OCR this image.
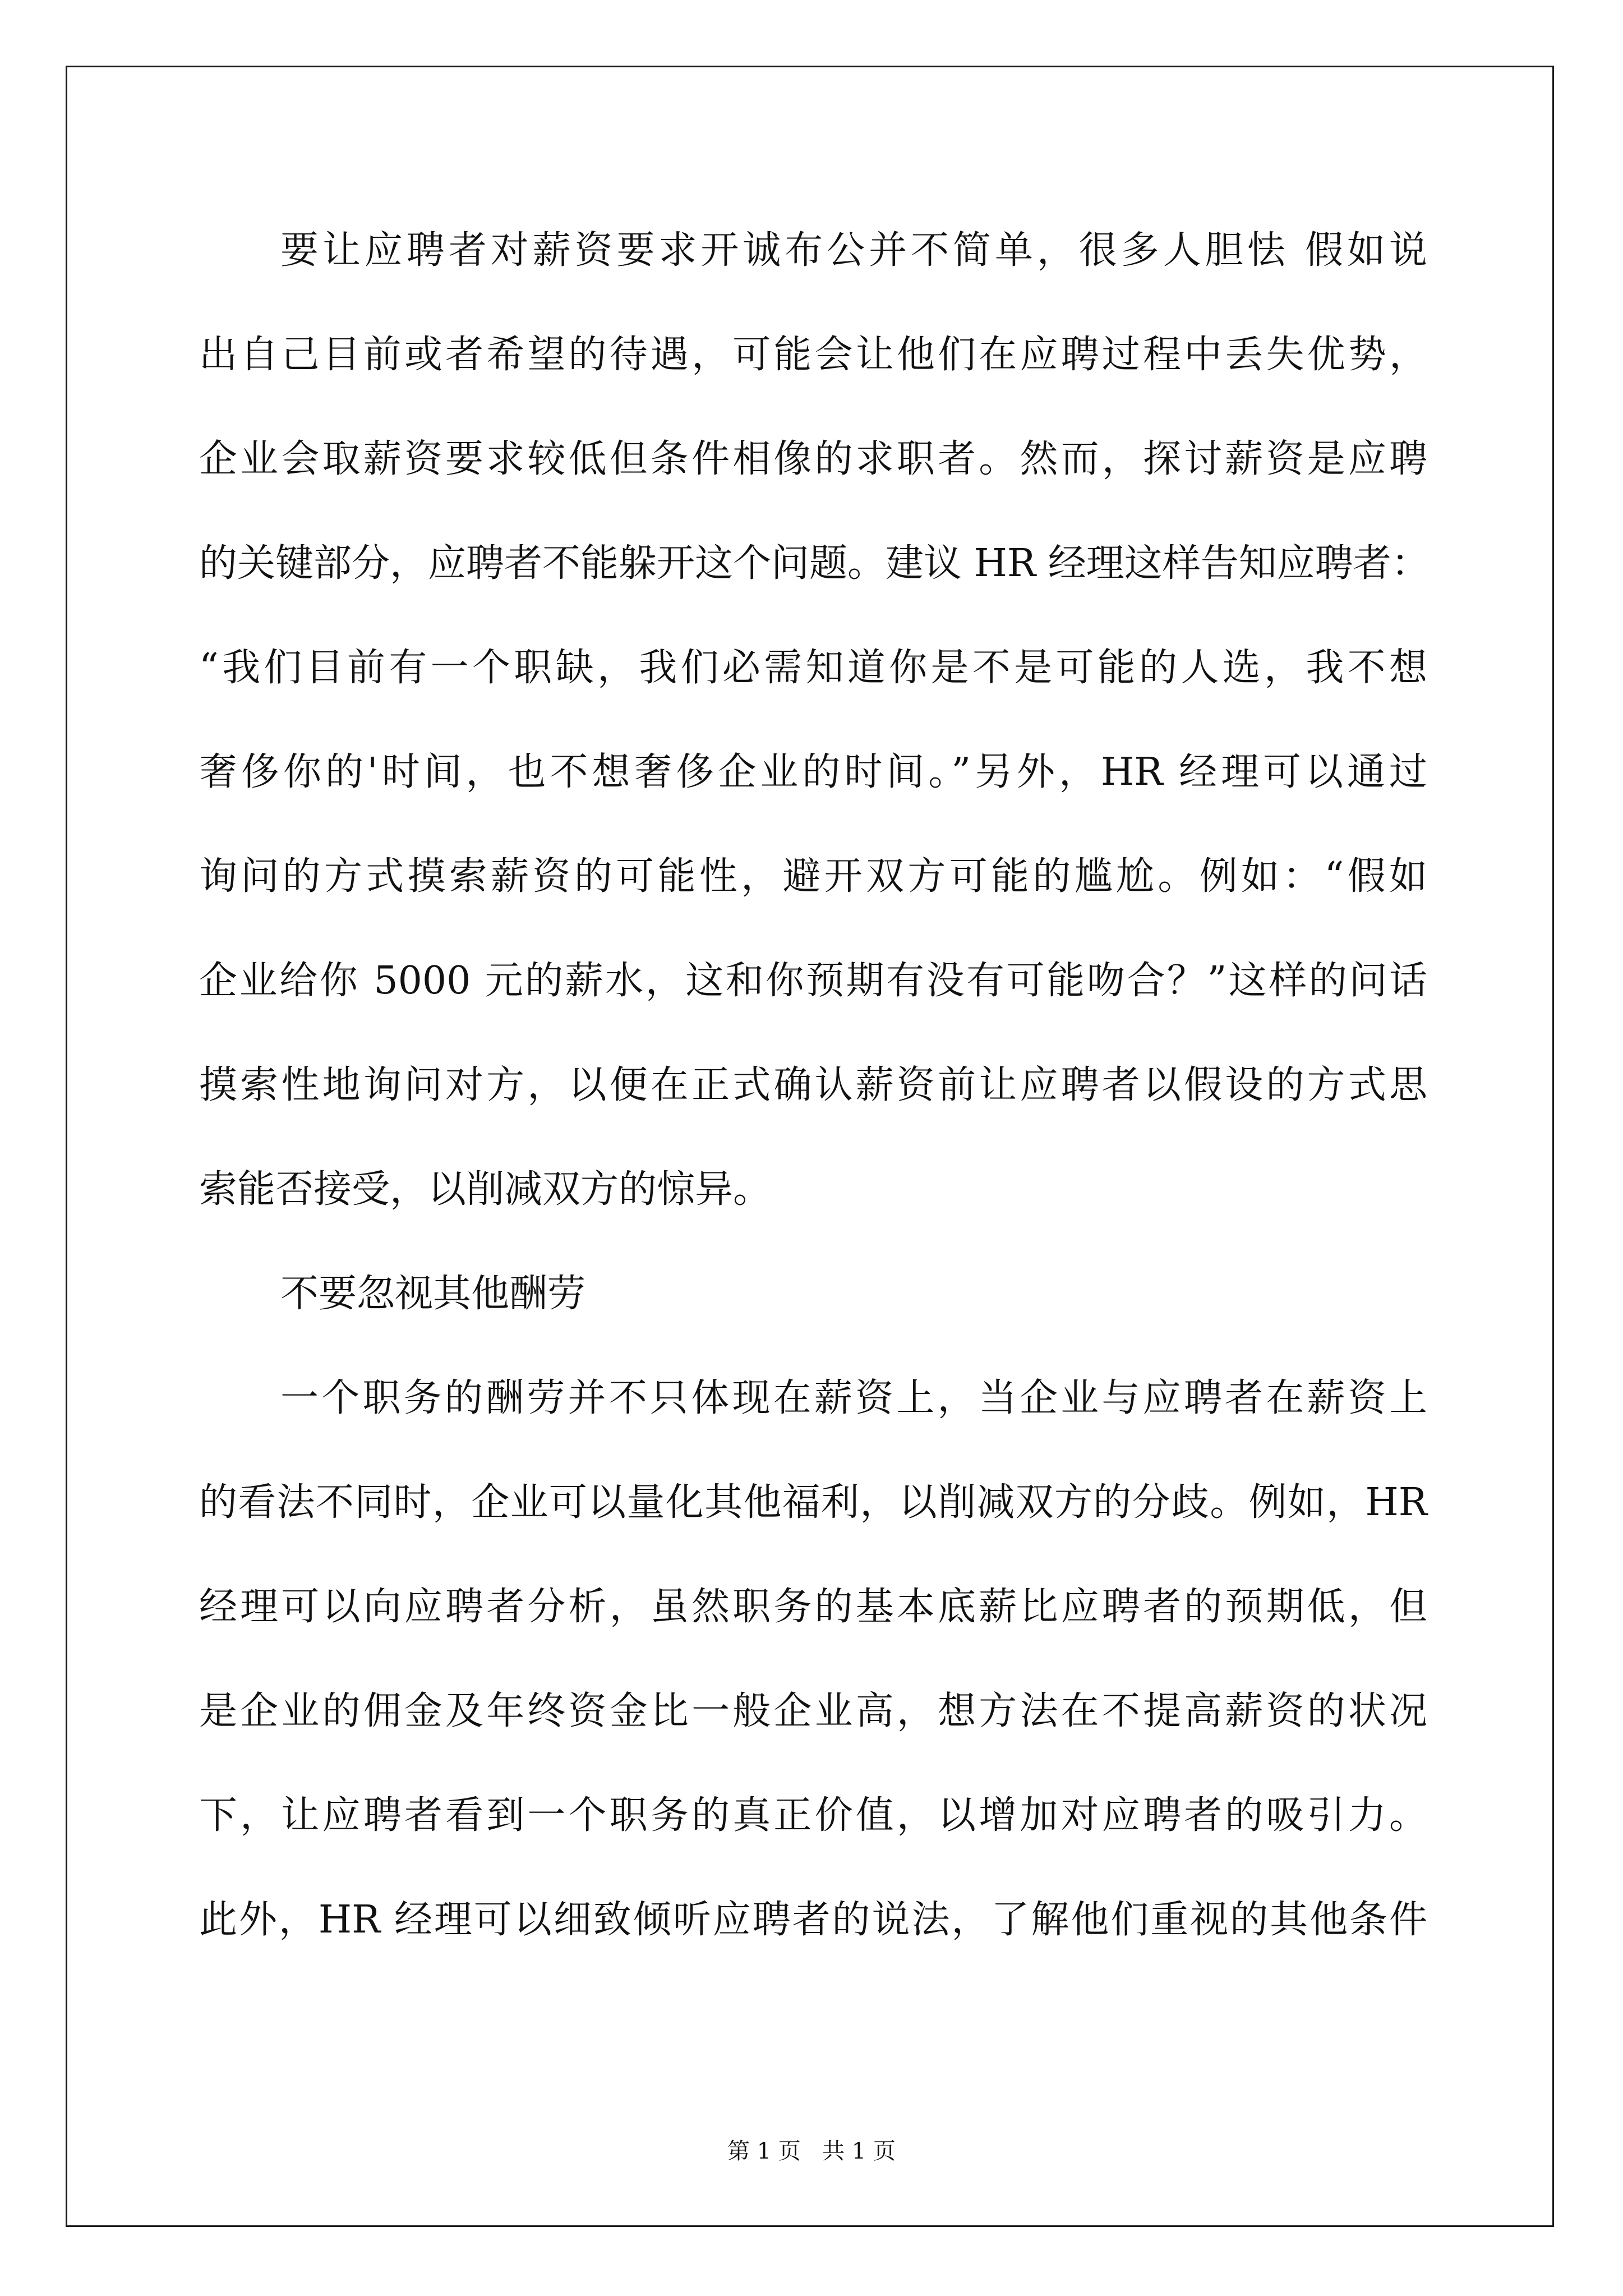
要让应聘者对薪资要求开诚布公并不简单，很多人胆怯 假如说
出自己目前或者希望的待遇，可能会让他们在应聘过程中丢失优势，
企业会取薪资要求较低但条件相像的求职者。然而，探讨薪资是应聘
的关键部分，应聘者不能躲开这个问题。建议 HR 经理这样告知应聘者：
“我们目前有一个职缺，我们必需知道你是不是可能的人选，我不想
奢侈你的'时间，也不想奢侈企业的时间。”另外，HR 经理可以通过
询问的方式摸索薪资的可能性，避开双方可能的尴尬。例如：“假如
企业给你 5000 元的薪水，这和你预期有没有可能吻合？”这样的问话
摸索性地询问对方，以便在正式确认薪资前让应聘者以假设的方式思
索能否接受，以削减双方的惊异。
不要忽视其他酬劳
一个职务的酬劳并不只体现在薪资上，当企业与应聘者在薪资上
的看法不同时，企业可以量化其他福利，以削减双方的分歧。例如，HR
经理可以向应聘者分析，虽然职务的基本底薪比应聘者的预期低，但
是企业的佣金及年终资金比一般企业高，想方法在不提高薪资的状况
下，让应聘者看到一个职务的真正价值，以增加对应聘者的吸引力。
此外，HR 经理可以细致倾听应聘者的说法，了解他们重视的其他条件
第 1 页   共 1 页
